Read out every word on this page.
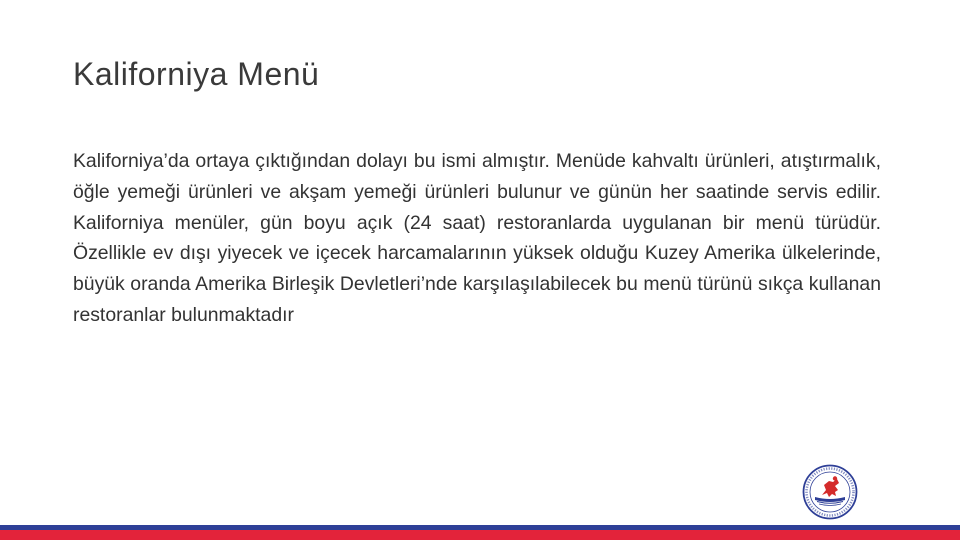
Kaliforniya Menü

Kaliforniya’da ortaya çıktığından dolayı bu ismi almıştır. Menüde kahvaltı ürünleri, atıştırmalık, öğle yemeği ürünleri ve akşam yemeği ürünleri bulunur ve günün her saatinde servis edilir. Kaliforniya menüler, gün boyu açık (24 saat) restoranlarda uygulanan bir menü türüdür. Özellikle ev dışı yiyecek ve içecek harcamalarının yüksek olduğu Kuzey Amerika ülkelerinde, büyük oranda Amerika Birleşik Devletleri’nde karşılaşılabilecek bu menü türünü sıkça kullanan restoranlar bulunmaktadır
